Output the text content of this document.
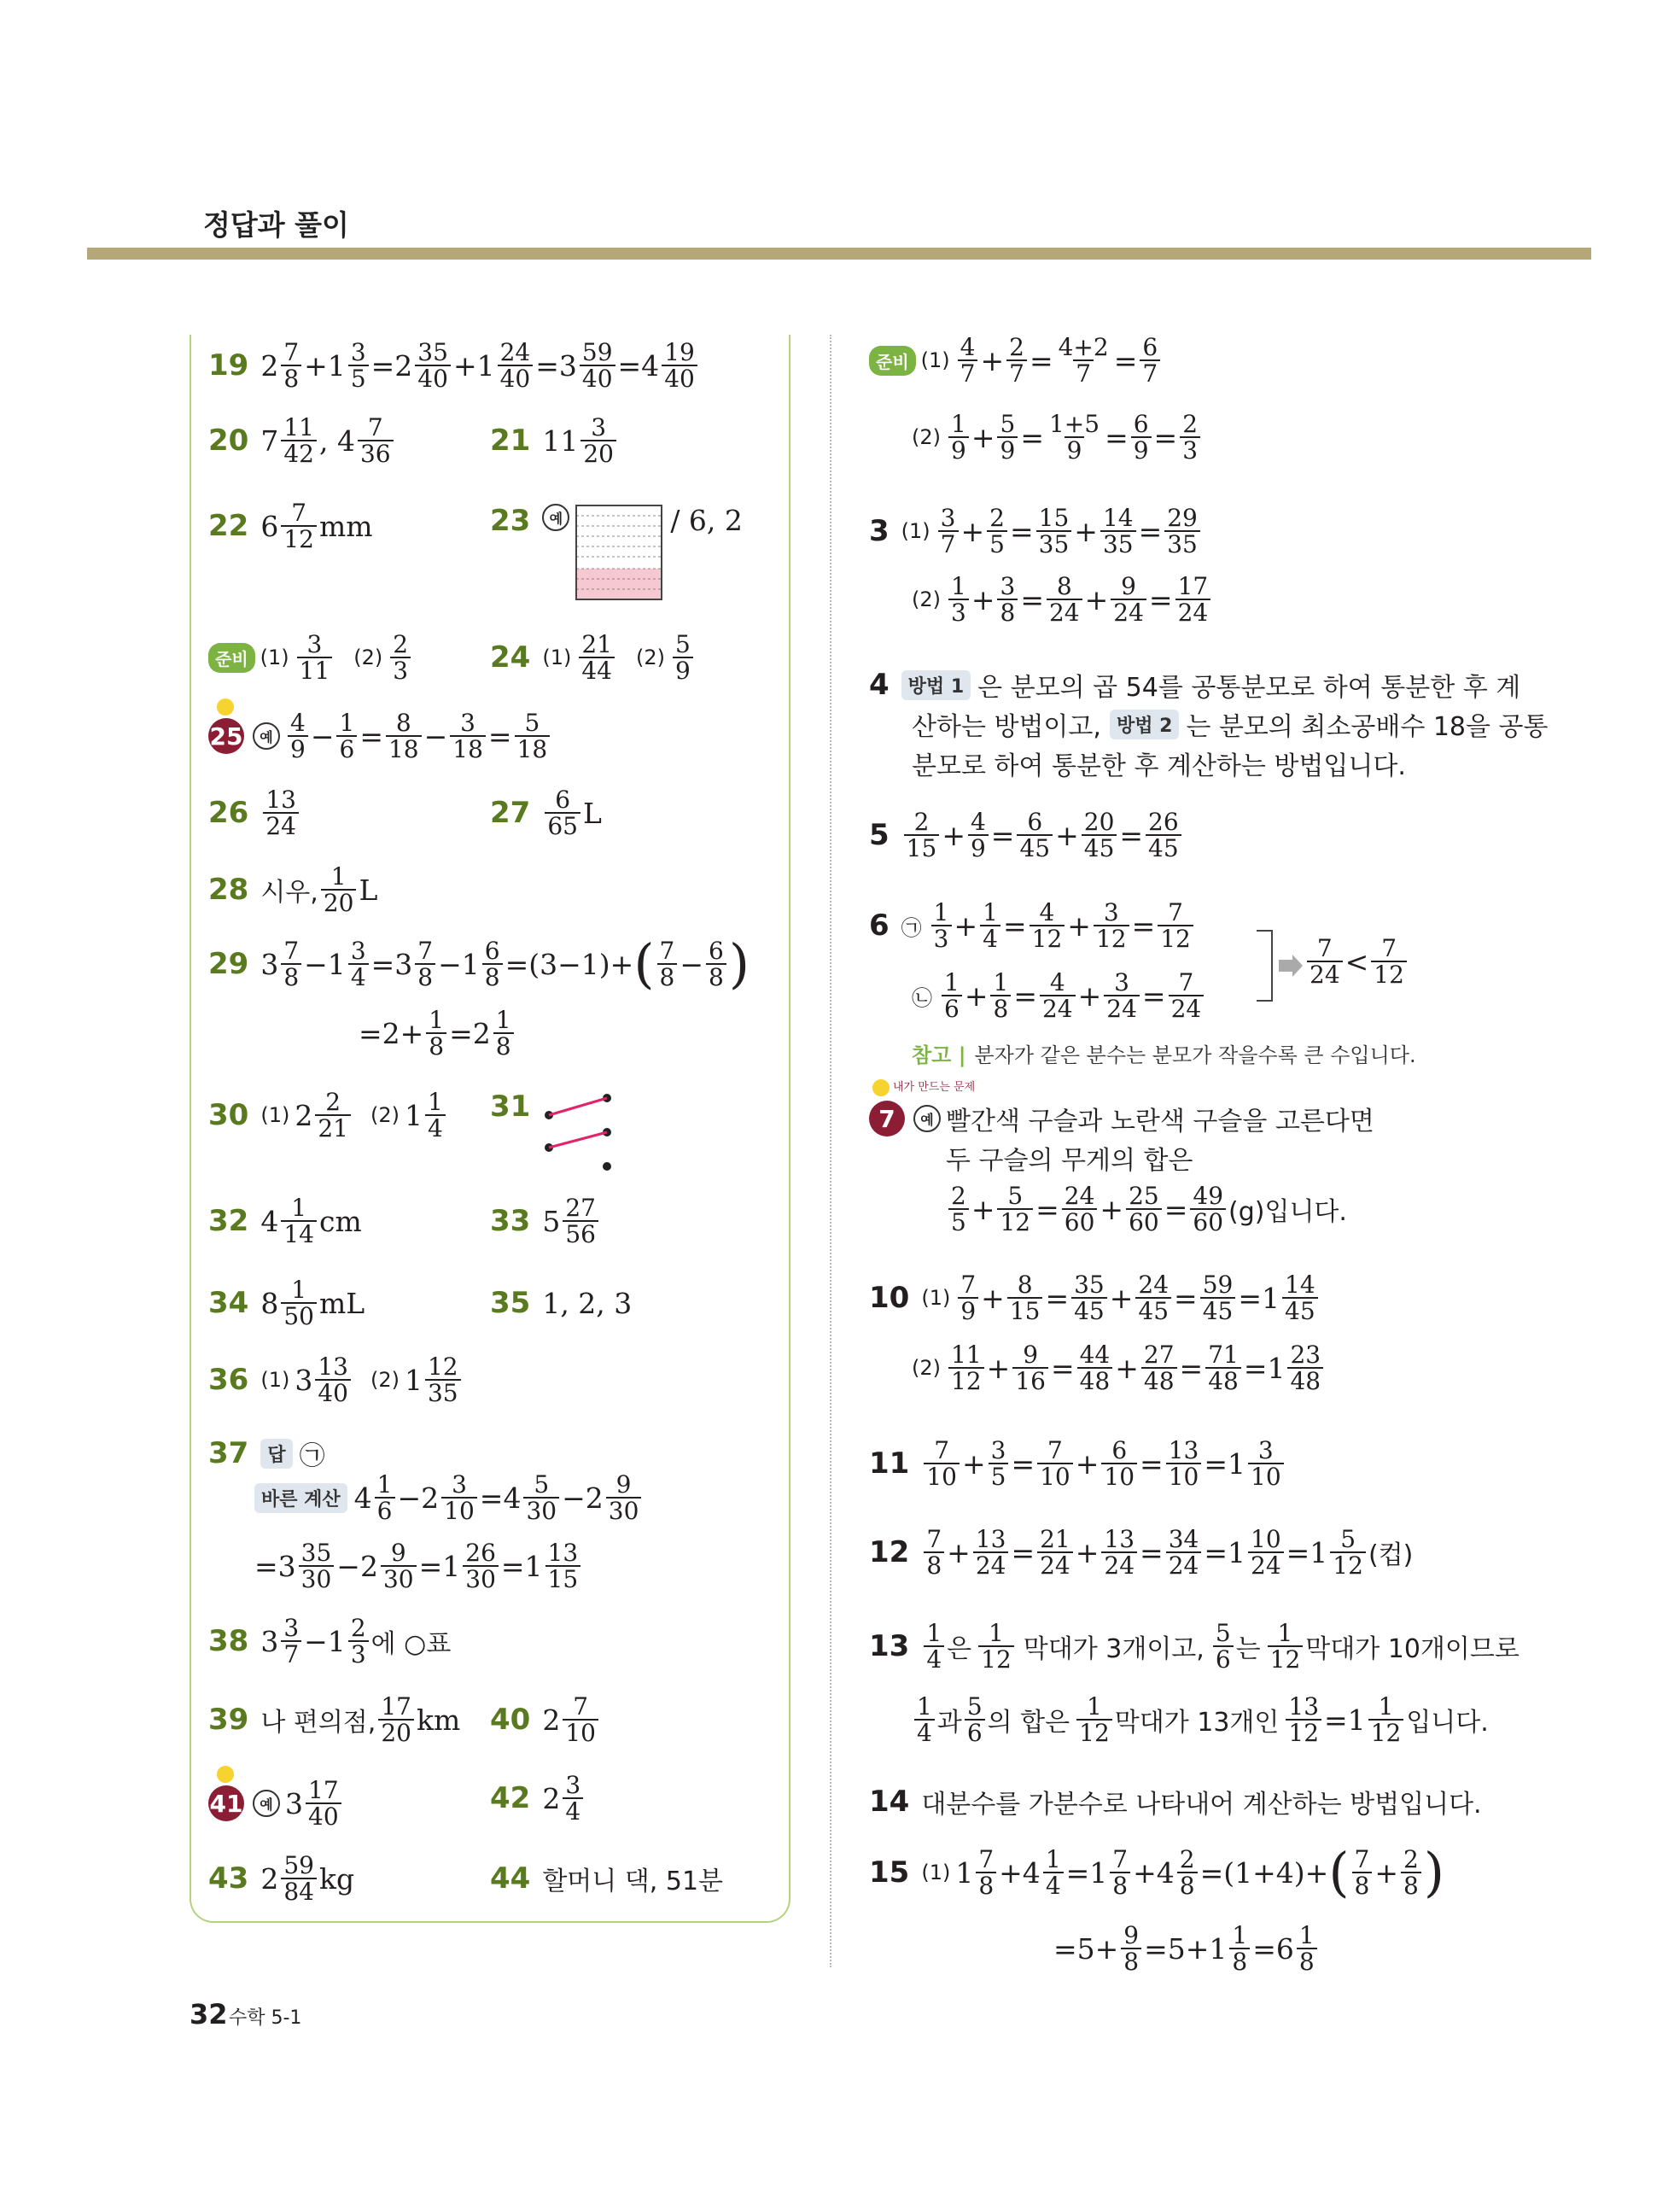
정답과 풀이
19 $2 \frac{7}{8} +1 \frac{3}{5} =2 \frac{35}{40} +1 \frac{24}{40} =3 \frac{59}{40} =4 \frac{19}{40}$
20 $7 \frac{11}{42}$ , $4 \frac{7}{36}$	21 $11 \frac{3}{20}$
22 $6 \frac{7}{12}$ mm	23	예	/ 6, 2
준비 $(1) \frac{3}{11} (2) \frac{2}{3}$	24 $(1) \frac{21}{44} (2) \frac{5}{9}$
25	예 $\frac{4}{9} - \frac{1}{6} = \frac{8}{18} - \frac{3}{18} = \frac{5}{18}$
$26 \frac{13}{24}$	$27 \frac{6}{65}$ L
28 시우, $\frac{1}{20}$ L
29 $3 \frac{7}{8} -1 \frac{3}{4} =3 \frac{7}{8} -1 \frac{6}{8} =(3-1)+$ ( $\frac{7}{8} - \frac{6}{8}$ )
$=2+ \frac{1}{8} =2 \frac{1}{8}$
30 (1) $2 \frac{2}{21} (2)$ $1 \frac{1}{4} 31$
32 $4 \frac{1}{14}$ cm	33 $5 \frac{27}{56}$
34 $8 \frac{1}{50}$ mL	35 1, 2, 3
36 (1) $3 \frac{13}{40} (2)$ $1 \frac{12}{35}$
37	답 ㉠
바른 계산 $4 \frac{1}{6} -2 \frac{3}{10} =4 \frac{5}{30} -2 \frac{9}{30}$
$=3 \frac{35}{30} -2 \frac{9}{30} =1 \frac{26}{30} =1 \frac{13}{15}$
38 $3 \frac{3}{7} -1 \frac{2}{3}$ 에 ○표
39 나 편의점, $\frac{17}{20}$ km 40 $2 \frac{7}{10}$
41	예 $3 \frac{17}{40}$	42 $2 \frac{3}{4}$
43 $2 \frac{59}{84}$ kg	44 할머니 댁, 51분
준비 $(1) \frac{4}{7} + \frac{2}{7} = \frac{4+2}{7} = \frac{6}{7}$
$(2) \frac{1}{9} + \frac{5}{9} = \frac{1+5}{9} = \frac{6}{9} = \frac{2}{3}$
3 $(1) \frac{3}{7} + \frac{2}{5} = \frac{15}{35} + \frac{14}{35} = \frac{29}{35}$
$(2) \frac{1}{3} + \frac{3}{8} = \frac{8}{24} + \frac{9}{24} = \frac{17}{24}$
4	방법 1 은 분모의 곱 54를 공통분모로 하여 통분한 후 계
산하는 방법이고, 방법 2 는 분모의 최소공배수 18을 공통
분모로 하여 통분한 후 계산하는 방법입니다.
$5 \frac{2}{15} + \frac{4}{9} = \frac{6}{45} + \frac{20}{45} = \frac{26}{45}$
6 ㉠ $\frac{1}{3} + \frac{1}{4} = \frac{4}{12} + \frac{3}{12} = \frac{7}{12}$
㉡ $\frac{1}{6} + \frac{1}{8} = \frac{4}{24} + \frac{3}{24} = \frac{7}{24}$
$\frac{7}{24} < \frac{7}{12}$
참고 | 분자가 같은 분수는 분모가 작을수록 큰 수입니다.
내가 만드는 문제
7	예 빨간색 구슬과 노란색 구슬을 고른다면
두 구슬의 무게의 합은
$\frac{2}{5} + \frac{5}{12} = \frac{24}{60} + \frac{25}{60} = \frac{49}{60} (g)$입니다.
10 $(1) \frac{7}{9} + \frac{8}{15} = \frac{35}{45} + \frac{24}{45} = \frac{59}{45} =1 \frac{14}{45}$
$(2) \frac{11}{12} + \frac{9}{16} = \frac{44}{48} + \frac{27}{48} = \frac{71}{48} =1 \frac{23}{48}$
$11 \frac{7}{10} + \frac{3}{5} = \frac{7}{10} + \frac{6}{10} = \frac{13}{10} =1 \frac{3}{10}$
$12 \frac{7}{8} + \frac{13}{24} = \frac{21}{24} + \frac{13}{24} = \frac{34}{24} =1 \frac{10}{24} =1 \frac{5}{12}$ (컵)
$13 \frac{1}{4}$ 은 $\frac{1}{12}$ 막대가 3개이고, $\frac{5}{6}$ 는 $\frac{1}{12}$ 막대가 10개이므로
$\frac{1}{4}$ 과 $\frac{5}{6}$ 의 합은 $\frac{1}{12}$ 막대가 13개인 $\frac{13}{12} =1 \frac{1}{12}$ 입니다.
14 대분수를 가분수로 나타내어 계산하는 방법입니다.
15 (1) $1 \frac{7}{8} +4 \frac{1}{4} =1 \frac{7}{8} +4 \frac{2}{8} =(1+4)+$ ( $\frac{7}{8} + \frac{2}{8}$ )
$=5+ \frac{9}{8} =5+1 \frac{1}{8} =6 \frac{1}{8}$
32 수학 5-1
